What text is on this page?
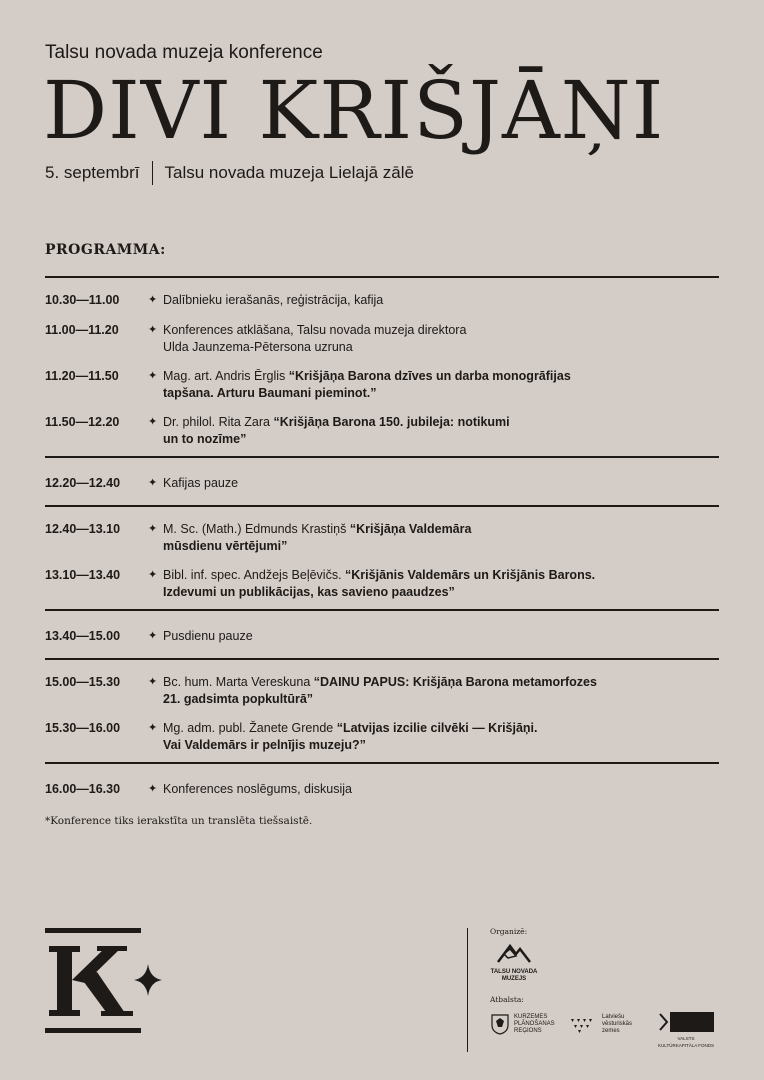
Talsu novada muzeja konference
DIVI KRIŠJĀŅI
5. septembrī Talsu novada muzeja Lielajā zālē
PROGRAMMA:
10.30—11.00	✦ Dalībnieku ierašanās, reģistrācija, kafija
11.00—11.20	✦ Konferences atklāšana, Talsu novada muzeja direktora
Ulda Jaunzema-Pētersona uzruna
11.20—11.50	✦ Mag. art. Andris Ērglis “Krišjāņa Barona dzīves un darba monogrāfijas
tapšana. Arturu Baumani pieminot.”
11.50—12.20	✦ Dr. philol. Rita Zara “Krišjāņa Barona 150. jubileja: notikumi
un to nozīme”
12.20—12.40	✦ Kafijas pauze
12.40—13.10	✦ M. Sc. (Math.) Edmunds Krastiņš “Krišjāņa Valdemāra
mūsdienu vērtējumi”
13.10—13.40	✦ Bibl. inf. spec. Andžejs Beļēvičs. “Krišjānis Valdemārs un Krišjānis Barons.
Izdevumi un publikācijas, kas savieno paaudzes”
13.40—15.00	✦ Pusdienu pauze
15.00—15.30	✦ Bc. hum. Marta Vereskuna “DAINU PAPUS: Krišjāņa Barona metamorfozes
21. gadsimta popkultūrā”
15.30—16.00	✦ Mg. adm. publ. Žanete Grende “Latvijas izcilie cilvēki — Krišjāņi.
Vai Valdemārs ir pelnījis muzeju?”
16.00—16.30	✦ Konferences noslēgums, diskusija
*Konference tiks ierakstīta un translēta tiešsaistē.
Organizē:
TALSU NOVADA
MUZEJS
Atbalsta:
KURZEMES
PLĀNOŠANAS
REĢIONS
Latviešu
vēsturiskās
zemes
VALSTS
KULTŪRKAPITĀLA FONDS
